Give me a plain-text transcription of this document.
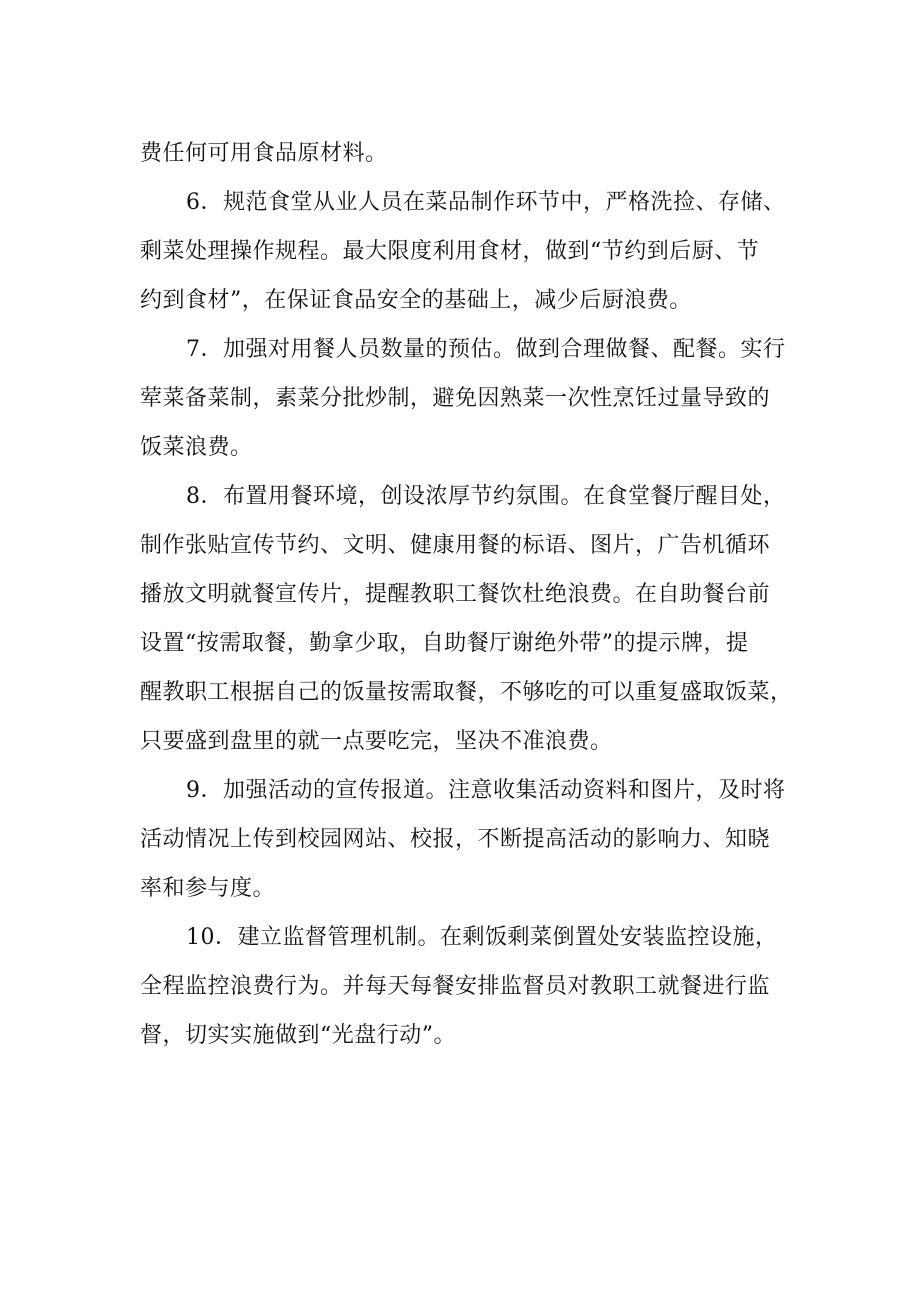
费任何可用食品原材料。
6．规范食堂从业人员在菜品制作环节中，严格洗捡、存储、
剩菜处理操作规程。最大限度利用食材，做到“节约到后厨、节
约到食材”，在保证食品安全的基础上，减少后厨浪费。
7．加强对用餐人员数量的预估。做到合理做餐、配餐。实行
荤菜备菜制，素菜分批炒制，避免因熟菜一次性烹饪过量导致的
饭菜浪费。
8．布置用餐环境，创设浓厚节约氛围。在食堂餐厅醒目处，
制作张贴宣传节约、文明、健康用餐的标语、图片，广告机循环
播放文明就餐宣传片，提醒教职工餐饮杜绝浪费。在自助餐台前
设置“按需取餐，勤拿少取，自助餐厅谢绝外带”的提示牌，提
醒教职工根据自己的饭量按需取餐，不够吃的可以重复盛取饭菜，
只要盛到盘里的就一点要吃完，坚决不准浪费。
9．加强活动的宣传报道。注意收集活动资料和图片，及时将
活动情况上传到校园网站、校报，不断提高活动的影响力、知晓
率和参与度。
10．建立监督管理机制。在剩饭剩菜倒置处安装监控设施，
全程监控浪费行为。并每天每餐安排监督员对教职工就餐进行监
督，切实实施做到“光盘行动”。
